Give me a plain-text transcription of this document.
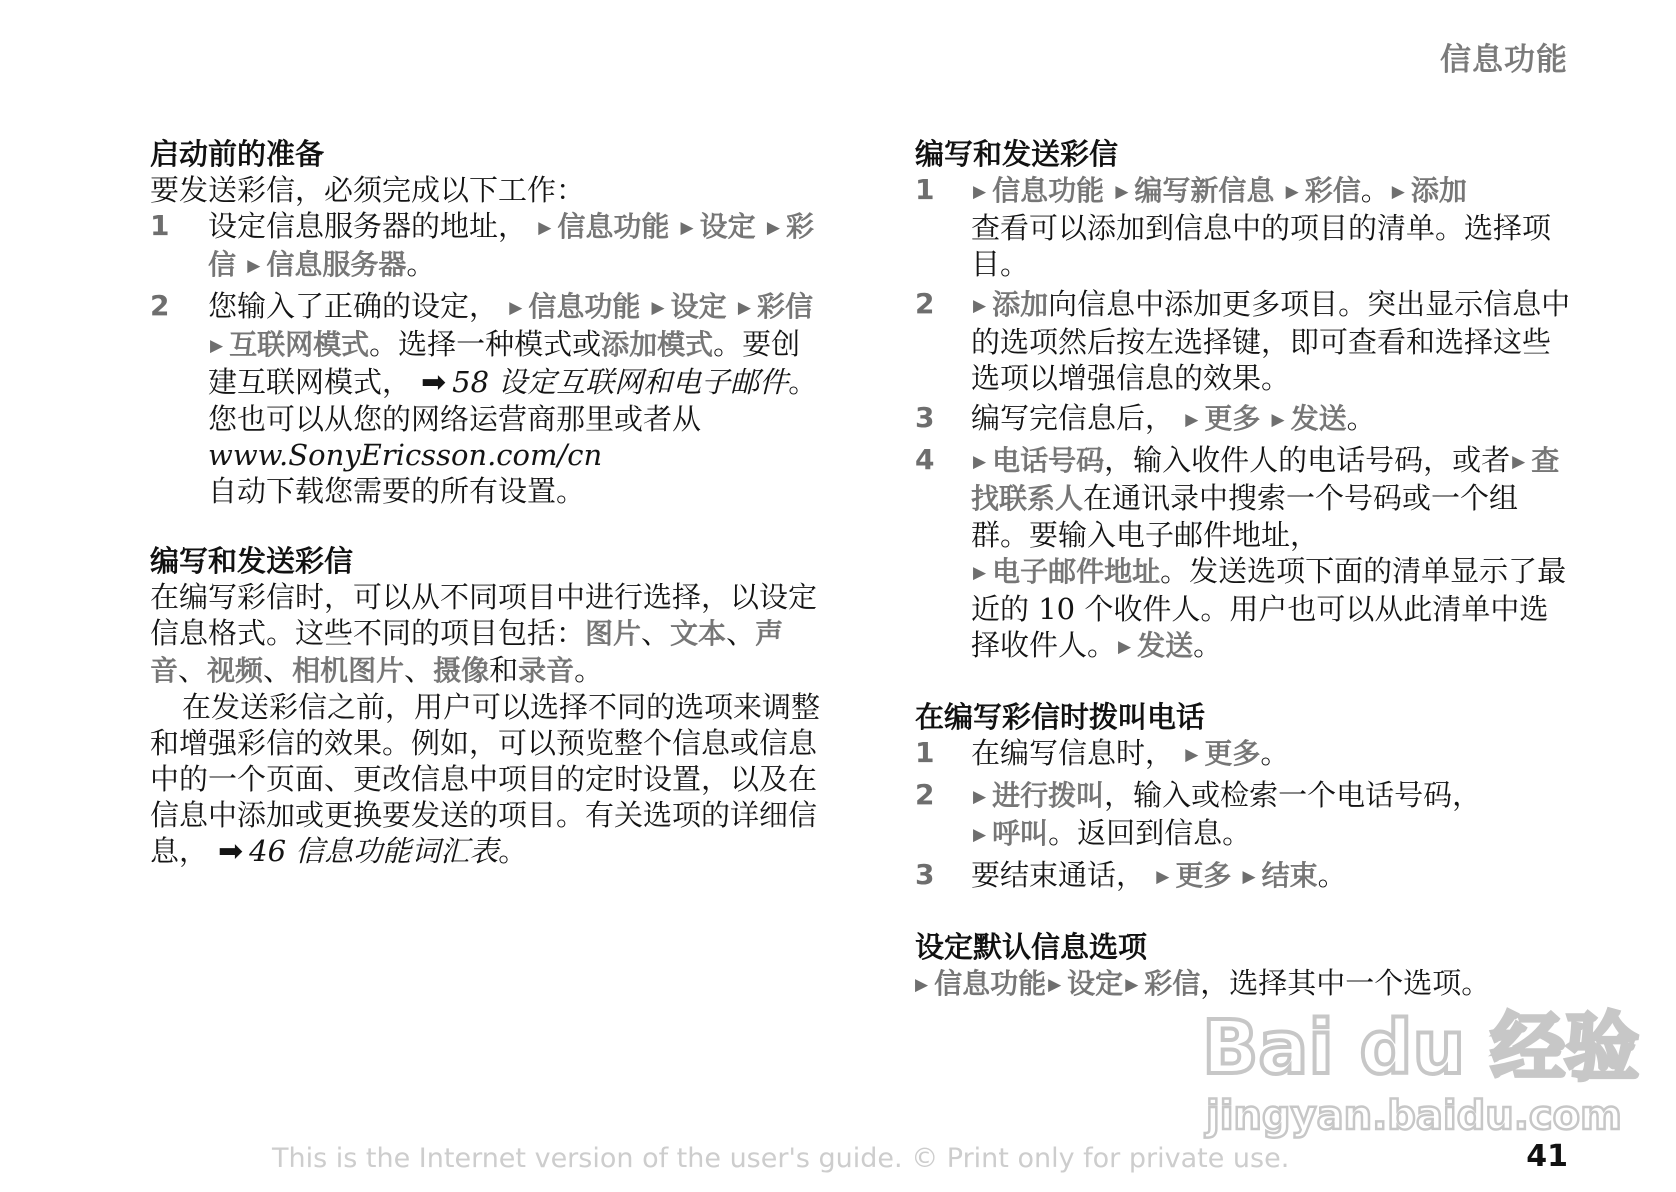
信息功能
启动前的准备

要发送彩信，必须完成以下工作：

1 设定信息服务器的地址， ▶ 信息功能 ▶ 设定 ▶ 彩信 ▶ 信息服务器。
2 您输入了正确的设定， ▶ 信息功能 ▶ 设定 ▶ 彩信 ▶ 互联网模式。选择一种模式或添加模式。要创建互联网模式， ➡ 58 设定互联网和电子邮件。您也可以从您的网络运营商那里或者从 www.SonyEricsson.com/cn
自动下载您需要的所有设置。
编写和发送彩信

在编写彩信时，可以从不同项目中进行选择，以设定信息格式。这些不同的项目包括：图片、文本、声音、视频、相机图片、摄像和录音。

在发送彩信之前，用户可以选择不同的选项来调整和增强彩信的效果。例如，可以预览整个信息或信息中的一个页面、更改信息中项目的定时设置，以及在信息中添加或更换要发送的项目。有关选项的详细信息， ➡ 46 信息功能词汇表。

编写和发送彩信
1 ▶ 信息功能 ▶ 编写新信息 ▶ 彩信。 ▶ 添加
查看可以添加到信息中的项目的清单。选择项目。
2 ▶ 添加向信息中添加更多项目。突出显示信息中的选项然后按左选择键，即可查看和选择这些选项以增强信息的效果。
3 编写完信息后， ▶ 更多 ▶ 发送。
4 ▶ 电话号码，输入收件人的电话号码，或者 ▶ 查找联系人在通讯录中搜索一个号码或一个组群。要输入电子邮件地址，
▶ 电子邮件地址。发送选项下面的清单显示了最近的 10 个收件人。用户也可以从此清单中选择收件人。 ▶ 发送。
在编写彩信时拨叫电话
1 在编写信息时， ▶ 更多。
2 ▶ 进行拨叫，输入或检索一个电话号码，
▶ 呼叫。返回到信息。
3 要结束通话， ▶ 更多 ▶ 结束。
设定默认信息选项

▶ 信息功能 ▶ 设定 ▶ 彩信，选择其中一个选项。

Bai du 经验
jingyan.baidu.com
This is the Internet version of the user's guide. © Print only for private use.	41
